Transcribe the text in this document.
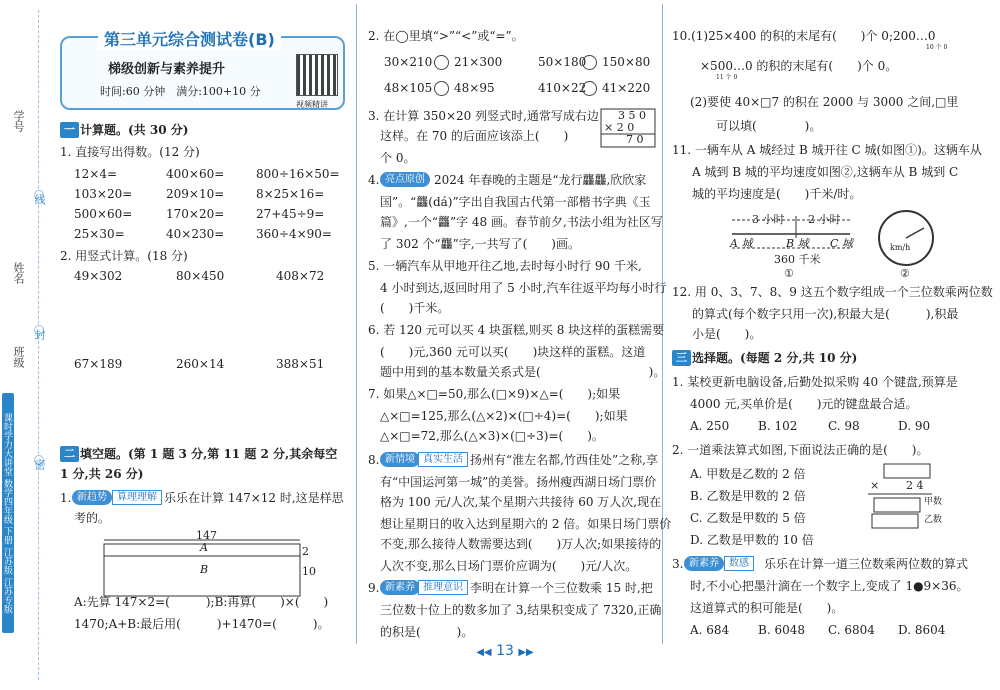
线
封
密
学号
姓名
班级
课时学力大讲堂 数学四年级 下册 江苏版 江苏专版
第三单元综合测试卷(B)
梯级创新与素养提升
时间:60 分钟　满分:100+10 分
视频精讲
一 计算题。(共 30 分)
1. 直接写出得数。(12 分)
12×4=	400×60=	800÷16×50=
103×20=	209×10=	8×25×16=
500×60=	170×20=	27+45÷9=
25×30=	40×230=	360÷4×90=
2. 用竖式计算。(18 分)
49×302	80×450	408×72
67×189	260×14	388×51
二 填空题。(第 1 题 3 分,第 11 题 2 分,其余每空
1 分,共 26 分)
1. 新趋势	算理理解 乐乐在计算 147×12 时,这是样思
考的。
147
A
B
2
10
A:先算 147×2=(　　　);B:再算(　　)×(　　)
1470;A+B:最后用(　　　)+1470=(　　　)。
2. 在◯里填“>”“<”或“=”。
30×210 21×300	50×180 150×80
48×105 48×95	410×22 41×220
3. 在计算 350×20 列竖式时,通常写成右边
这样。在 70 的后面应该添上(　　)
个 0。
3 5 0
× 2 0
7 0
4. 亮点原创 2024 年春晚的主题是“龙行龘龘,欣欣家
国”。“龘(dá)”字出自我国古代第一部楷书字典《玉
篇》,一个“龘”字 48 画。春节前夕,书法小组为社区写
了 302 个“龘”字,一共写了(　　)画。
5. 一辆汽车从甲地开往乙地,去时每小时行 90 千米,
4 小时到达,返回时用了 5 小时,汽车往返平均每小时行
(　　)千米。
6. 若 120 元可以买 4 块蛋糕,则买 8 块这样的蛋糕需要
(　　)元,360 元可以买(　　)块这样的蛋糕。这道
题中用到的基本数量关系式是(　　　　　　　　　)。
7. 如果△×□=50,那么(□×9)×△=(　　);如果
△×□=125,那么(△×2)×(□÷4)=(　　);如果
△×□=72,那么(△×3)×(□÷3)=(　　)。
8. 新情境 真实生活 扬州有“淮左名都,竹西佳处”之称,享
有“中国运河第一城”的美誉。扬州瘦西湖日场门票价
格为 100 元/人次,某个星期六共接待 60 万人次,现在
想让星期日的收入达到星期六的 2 倍。如果日场门票价
不变,那么接待人数需要达到(　　)万人次;如果接待的
人次不变,那么日场门票价应调为(　　)元/人次。
9. 新素养 推理意识 李明在计算一个三位数乘 15 时,把
三位数十位上的数多加了 3,结果积变成了 7320,正确
的积是(　　　)。
10.(1)25×400 的积的末尾有(　　)个 0;200…0
10 个 0
×500…0 的积的末尾有(　　)个 0。
11 个 0
(2)要使 40×□7 的积在 2000 与 3000 之间,□里
可以填(　　　　)。
11. 一辆车从 A 城经过 B 城开往 C 城(如图①)。这辆车从
A 城到 B 城的平均速度如图②,这辆车从 B 城到 C
城的平均速度是(　　)千米/时。
3 小时 2 小时
A 城	B 城 C 城
360 千米
①
km/h
②
12. 用 0、3、7、8、9 这五个数字组成一个三位数乘两位数
的算式(每个数字只用一次),积最大是(　　　),积最
小是(　　)。
三 选择题。(每题 2 分,共 10 分)
1. 某校更新电脑设备,后勤处拟采购 40 个键盘,预算是
4000 元,买单价是(　　)元的键盘最合适。
A. 250 B. 102	C. 98	D. 90
2. 一道乘法算式如图,下面说法正确的是(　　)。
A. 甲数是乙数的 2 倍
B. 乙数是甲数的 2 倍
C. 乙数是甲数的 5 倍
D. 乙数是甲数的 10 倍
× 2 4
甲数
乙数
3. 新素养	数感	乐乐在计算一道三位数乘两位数的算式
时,不小心把墨汁滴在一个数字上,变成了 1●9×36。
这道算式的积可能是(　　)。
A. 684 B. 6048 C. 6804 D. 8604
◀◀ 13 ▶▶
